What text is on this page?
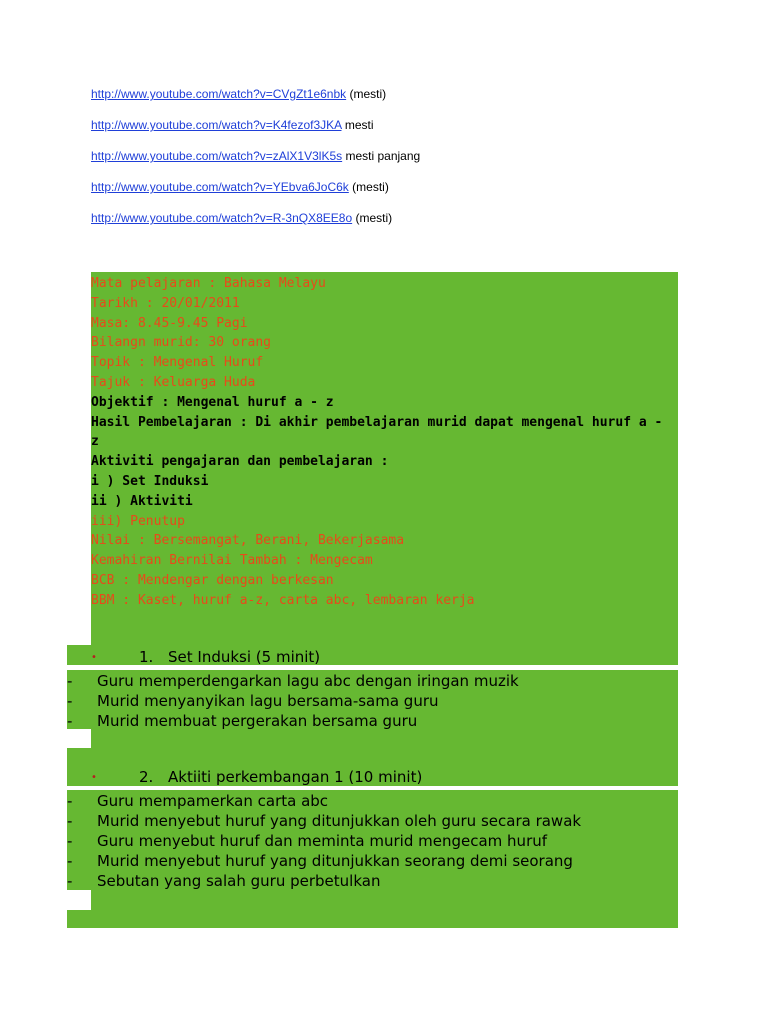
http://www.youtube.com/watch?v=CVgZt1e6nbk (mesti)
http://www.youtube.com/watch?v=K4fezof3JKA mesti
http://www.youtube.com/watch?v=zAlX1V3lK5s mesti panjang
http://www.youtube.com/watch?v=YEbva6JoC6k (mesti)
http://www.youtube.com/watch?v=R-3nQX8EE8o (mesti)
Mata pelajaran : Bahasa Melayu
Tarikh : 20/01/2011
Masa: 8.45-9.45 Pagi
Bilangn murid: 30 orang
Topik : Mengenal Huruf
Tajuk : Keluarga Huda
Objektif : Mengenal huruf a - z
Hasil Pembelajaran : Di akhir pembelajaran murid dapat mengenal huruf a -
z
Aktiviti pengajaran dan pembelajaran :
i ) Set Induksi
ii ) Aktiviti
iii) Penutup
Nilai : Bersemangat, Berani, Bekerjasama
Kemahiran Bernilai Tambah : Mengecam
BCB : Mendengar dengan berkesan
BBM : Kaset, huruf a-z, carta abc, lembaran kerja
•	1. Set Induksi (5 minit)
- Guru memperdengarkan lagu abc dengan iringan muzik
- Murid menyanyikan lagu bersama-sama guru
- Murid membuat pergerakan bersama guru
•	2. Aktiiti perkembangan 1 (10 minit)
- Guru mempamerkan carta abc
- Murid menyebut huruf yang ditunjukkan oleh guru secara rawak
- Guru menyebut huruf dan meminta murid mengecam huruf
- Murid menyebut huruf yang ditunjukkan seorang demi seorang
- Sebutan yang salah guru perbetulkan
